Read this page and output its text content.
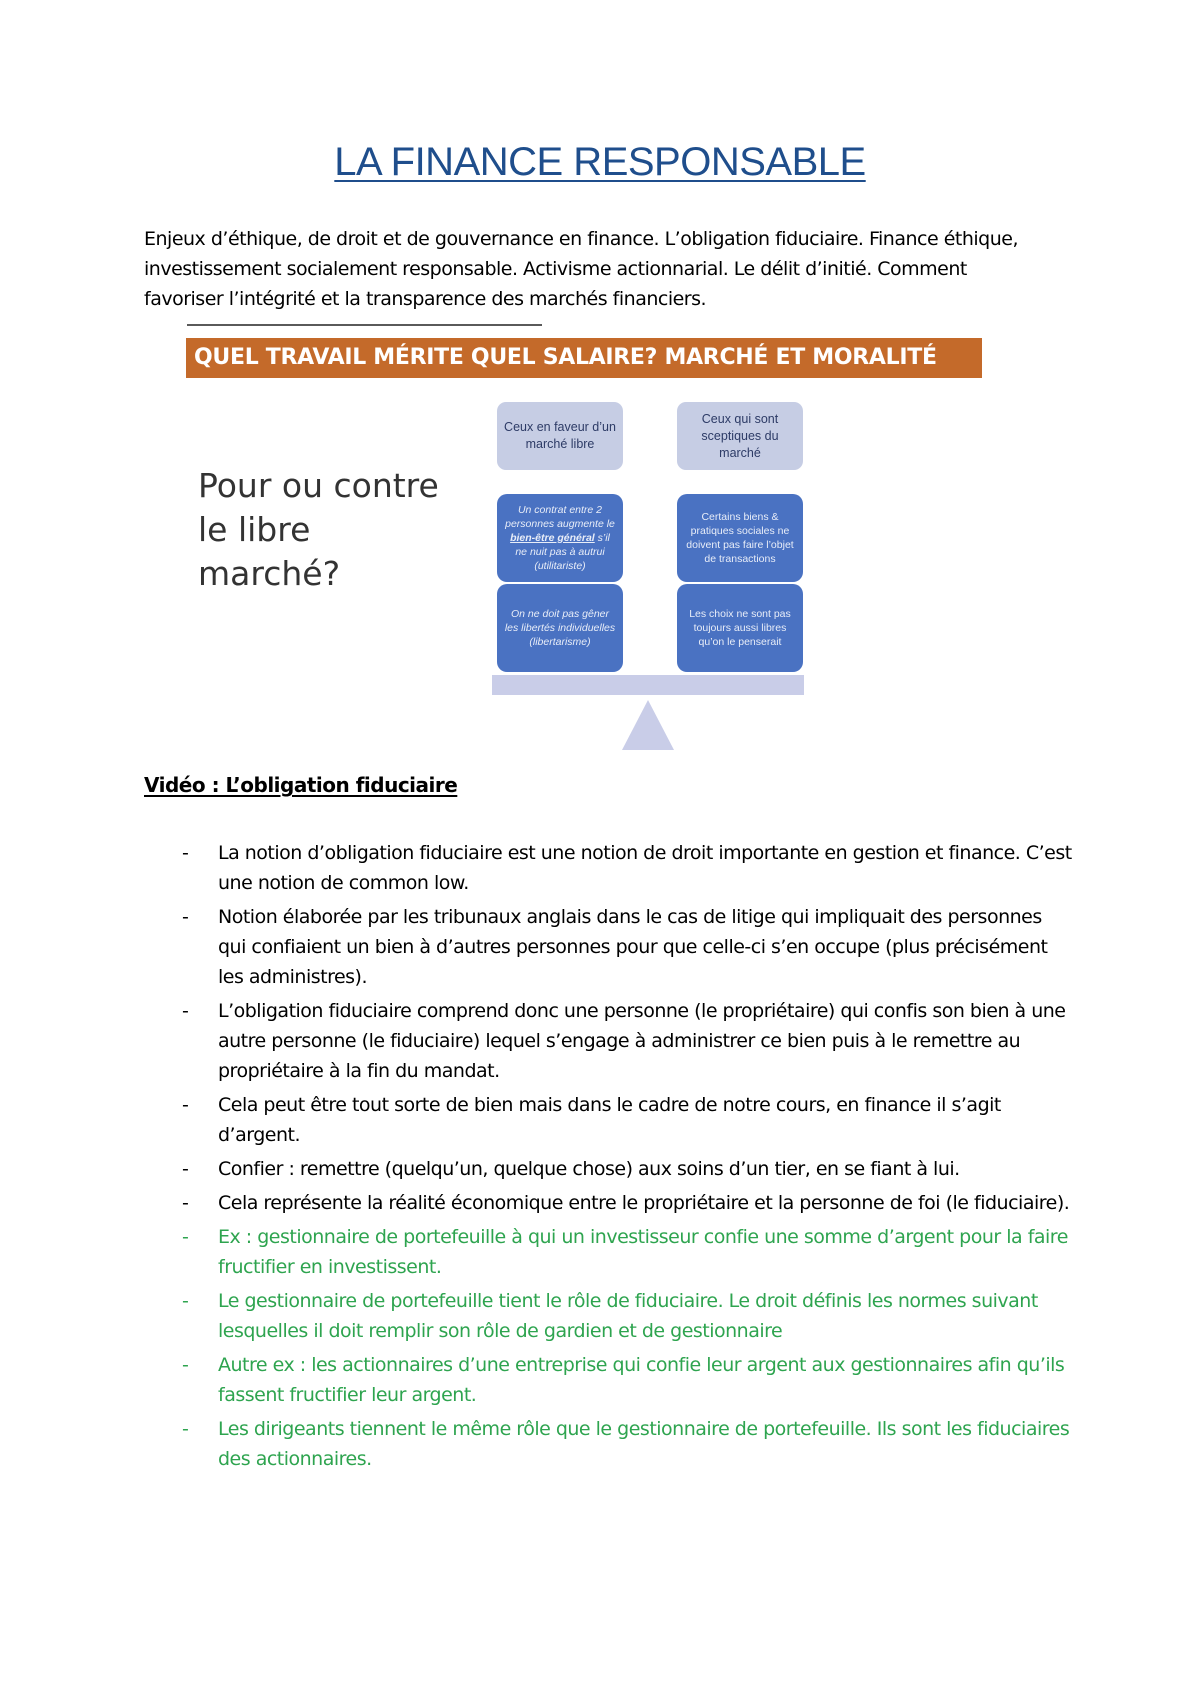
LA FINANCE RESPONSABLE

Enjeux d’éthique, de droit et de gouvernance en finance. L’obligation fiduciaire. Finance éthique, investissement socialement responsable. Activisme actionnarial. Le délit d’initié. Comment favoriser l’intégrité et la transparence des marchés financiers.

QUEL TRAVAIL MÉRITE QUEL SALAIRE? MARCHÉ ET MORALITÉ
Pour ou contre le libre marché?
Ceux en faveur d’un marché libre
Ceux qui sont sceptiques du marché
Un contrat entre 2 personnes augmente le bien-être général s’il ne nuit pas à autrui (utilitariste)
On ne doit pas gêner les libertés individuelles (libertarisme)
Certains biens & pratiques sociales ne doivent pas faire l’objet de transactions
Les choix ne sont pas toujours aussi libres qu’on le penserait
Vidéo : L’obligation fiduciaire
- La notion d’obligation fiduciaire est une notion de droit importante en gestion et finance. C’est une notion de common low.
- Notion élaborée par les tribunaux anglais dans le cas de litige qui impliquait des personnes qui confiaient un bien à d’autres personnes pour que celle-ci s’en occupe (plus précisément les administres).
- L’obligation fiduciaire comprend donc une personne (le propriétaire) qui confis son bien à une autre personne (le fiduciaire) lequel s’engage à administrer ce bien puis à le remettre au propriétaire à la fin du mandat.
- Cela peut être tout sorte de bien mais dans le cadre de notre cours, en finance il s’agit d’argent.
- Confier : remettre (quelqu’un, quelque chose) aux soins d’un tier, en se fiant à lui.
- Cela représente la réalité économique entre le propriétaire et la personne de foi (le fiduciaire).
- Ex : gestionnaire de portefeuille à qui un investisseur confie une somme d’argent pour la faire fructifier en investissent.
- Le gestionnaire de portefeuille tient le rôle de fiduciaire. Le droit définis les normes suivant lesquelles il doit remplir son rôle de gardien et de gestionnaire
- Autre ex : les actionnaires d’une entreprise qui confie leur argent aux gestionnaires afin qu’ils fassent fructifier leur argent.
- Les dirigeants tiennent le même rôle que le gestionnaire de portefeuille. Ils sont les fiduciaires des actionnaires.
